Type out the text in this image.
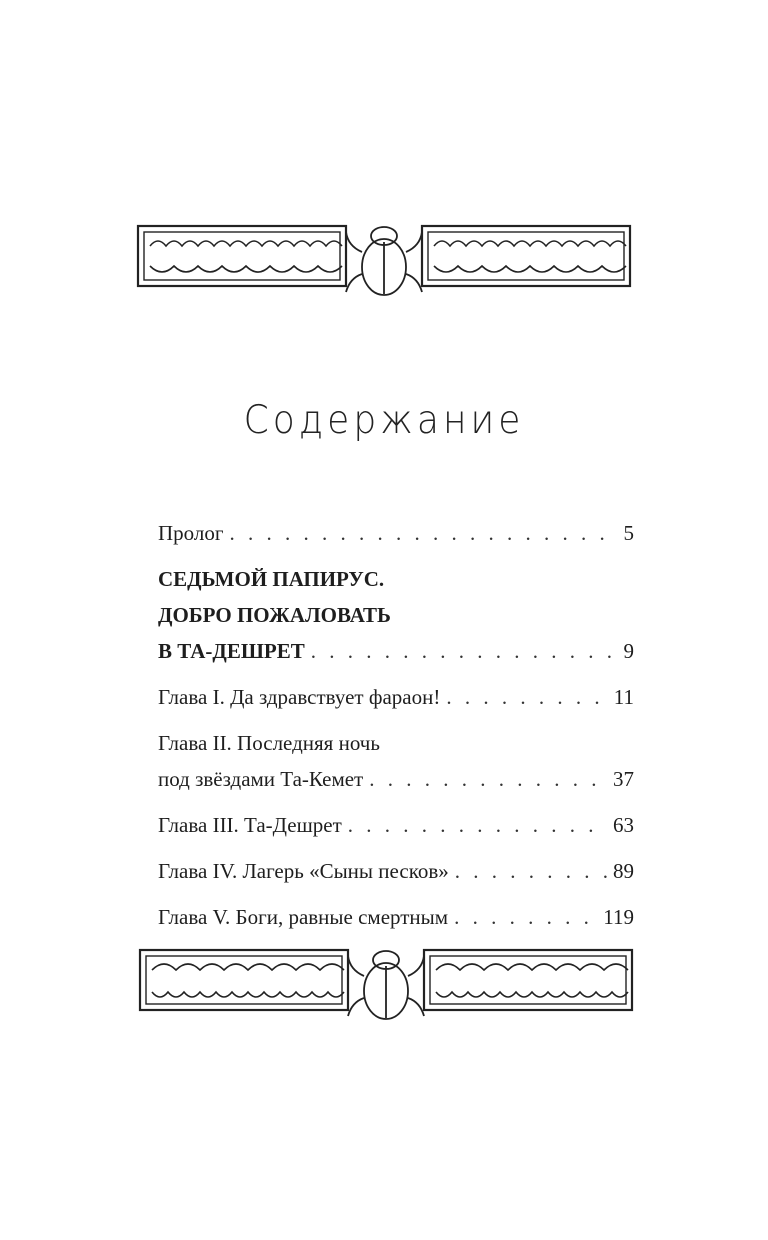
Содержание
Пролог . . .	5
СЕДЬМОЙ ПАПИРУС.
ДОБРО ПОЖАЛОВАТЬ
В ТА-ДЕШРЕТ . . .	9
Глава I. Да здравствует фараон! . . .	11
Глава II. Последняя ночь
под звёздами Та-Кемет . . .	37
Глава III. Та-Дешрет . . .	63
Глава IV. Лагерь «Сыны песков» . . .	89
Глава V. Боги, равные смертным . . .	119
